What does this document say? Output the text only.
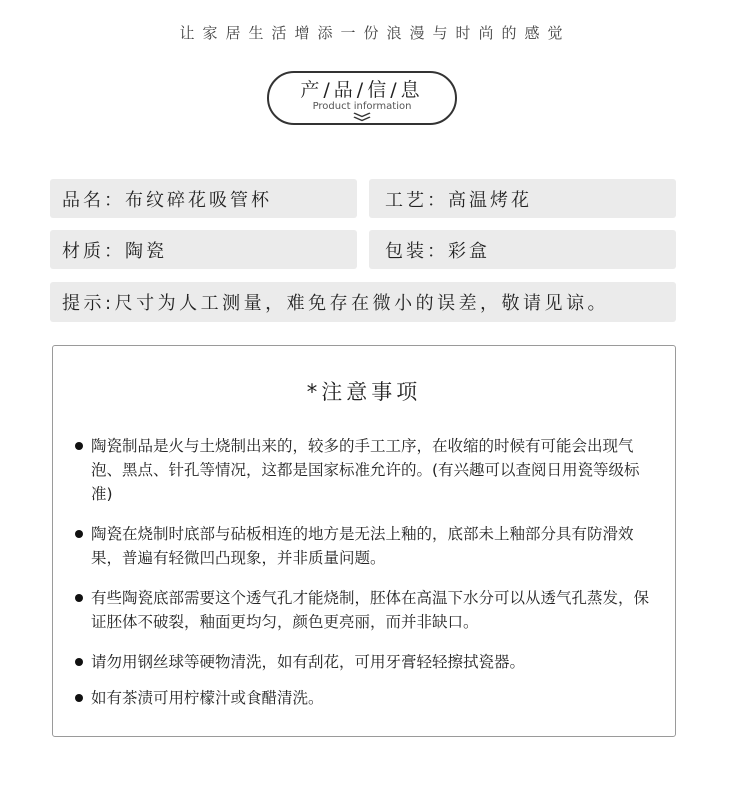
让家居生活增添一份浪漫与时尚的感觉
产/品/信/息
Product information
品名：布纹碎花吸管杯	工艺：高温烤花
材质：陶瓷	包装：彩盒
提示:尺寸为人工测量，难免存在微小的误差，敬请见谅。
*注意事项
陶瓷制品是火与土烧制出来的，较多的手工工序，在收缩的时候有可能会出现气泡、黑点、针孔等情况，这都是国家标准允许的。(有兴趣可以查阅日用瓷等级标准)
陶瓷在烧制时底部与砧板相连的地方是无法上釉的，底部未上釉部分具有防滑效果，普遍有轻微凹凸现象，并非质量问题。
有些陶瓷底部需要这个透气孔才能烧制，胚体在高温下水分可以从透气孔蒸发，保证胚体不破裂，釉面更均匀，颜色更亮丽，而并非缺口。
请勿用钢丝球等硬物清洗，如有刮花，可用牙膏轻轻擦拭瓷器。
如有茶渍可用柠檬汁或食醋清洗。
